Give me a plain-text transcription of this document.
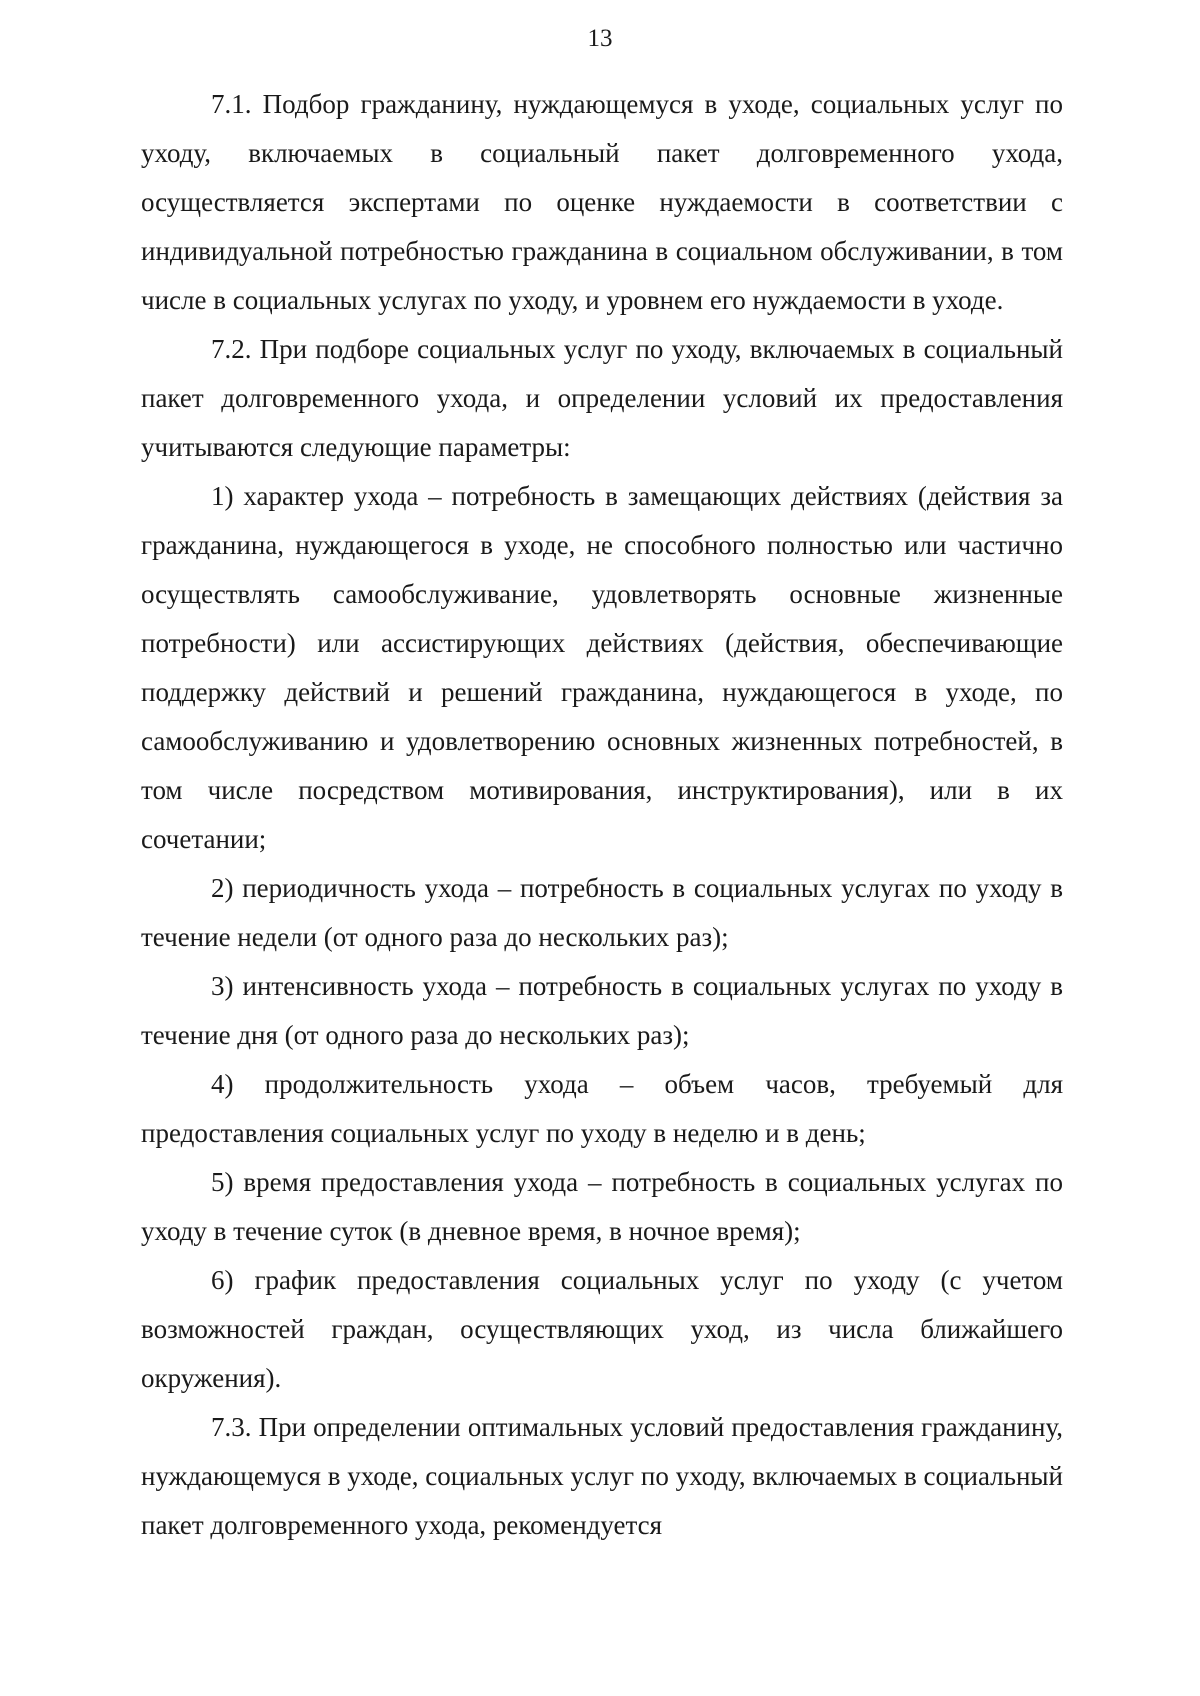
13

7.1. Подбор гражданину, нуждающемуся в уходе, социальных услуг по уходу, включаемых в социальный пакет долговременного ухода, осуществляется экспертами по оценке нуждаемости в соответствии с индивидуальной потребностью гражданина в социальном обслуживании, в том числе в социальных услугах по уходу, и уровнем его нуждаемости в уходе.

7.2. При подборе социальных услуг по уходу, включаемых в социальный пакет долговременного ухода, и определении условий их предоставления учитываются следующие параметры:

1) характер ухода – потребность в замещающих действиях (действия за гражданина, нуждающегося в уходе, не способного полностью или частично осуществлять самообслуживание, удовлетворять основные жизненные потребности) или ассистирующих действиях (действия, обеспечивающие поддержку действий и решений гражданина, нуждающегося в уходе, по самообслуживанию и удовлетворению основных жизненных потребностей, в том числе посредством мотивирования, инструктирования), или в их сочетании;

2) периодичность ухода – потребность в социальных услугах по уходу в течение недели (от одного раза до нескольких раз);

3) интенсивность ухода – потребность в социальных услугах по уходу в течение дня (от одного раза до нескольких раз);

4) продолжительность ухода – объем часов, требуемый для предоставления социальных услуг по уходу в неделю и в день;

5) время предоставления ухода – потребность в социальных услугах по уходу в течение суток (в дневное время, в ночное время);

6) график предоставления социальных услуг по уходу (с учетом возможностей граждан, осуществляющих уход, из числа ближайшего окружения).

7.3. При определении оптимальных условий предоставления гражданину, нуждающемуся в уходе, социальных услуг по уходу, включаемых в социальный пакет долговременного ухода, рекомендуется
